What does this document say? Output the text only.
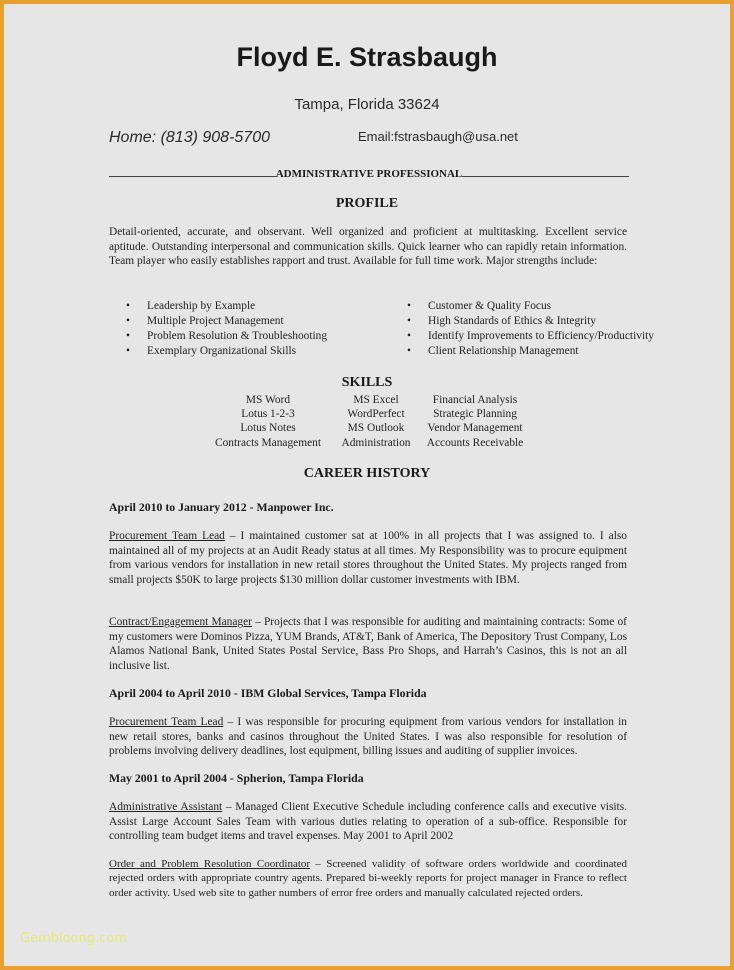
Floyd E. Strasbaugh
Tampa, Florida 33624
Home: (813) 908-5700	Email:fstrasbaugh@usa.net
ADMINISTRATIVE PROFESSIONAL
PROFILE
Detail-oriented, accurate, and observant. Well organized and proficient at multitasking. Excellent service aptitude. Outstanding interpersonal and communication skills. Quick learner who can rapidly retain information. Team player who easily establishes rapport and trust. Available for full time work. Major strengths include:
•	Leadership by Example
•	Multiple Project Management
•	Problem Resolution & Troubleshooting
•	Exemplary Organizational Skills
•	Customer & Quality Focus
•	High Standards of Ethics & Integrity
•	Identify Improvements to Efficiency/Productivity
•	Client Relationship Management
SKILLS
MS Word	MS Excel	Financial Analysis
Lotus 1-2-3	WordPerfect	Strategic Planning
Lotus Notes	MS Outlook	Vendor Management
Contracts Management	Administration	Accounts Receivable
CAREER HISTORY
April 2010 to January 2012 - Manpower Inc.
Procurement Team Lead – I maintained customer sat at 100% in all projects that I was assigned to. I also maintained all of my projects at an Audit Ready status at all times. My Responsibility was to procure equipment from various vendors for installation in new retail stores throughout the United States. My projects ranged from small projects $50K to large projects $130 million dollar customer investments with IBM.
Contract/Engagement Manager – Projects that I was responsible for auditing and maintaining contracts: Some of my customers were Dominos Pizza, YUM Brands, AT&T, Bank of America, The Depository Trust Company, Los Alamos National Bank, United States Postal Service, Bass Pro Shops, and Harrah’s Casinos, this is not an all inclusive list.
April 2004 to April 2010 - IBM Global Services, Tampa Florida
Procurement Team Lead – I was responsible for procuring equipment from various vendors for installation in new retail stores, banks and casinos throughout the United States. I was also responsible for resolution of problems involving delivery deadlines, lost equipment, billing issues and auditing of supplier invoices.
May 2001 to April 2004 - Spherion, Tampa Florida
Administrative Assistant – Managed Client Executive Schedule including conference calls and executive visits. Assist Large Account Sales Team with various duties relating to operation of a sub-office. Responsible for controlling team budget items and travel expenses. May 2001 to April 2002
Order and Problem Resolution Coordinator – Screened validity of software orders worldwide and coordinated rejected orders with appropriate country agents. Prepared bi-weekly reports for project manager in France to reflect order activity. Used web site to gather numbers of error free orders and manually calculated rejected orders.
Gembloong.com
